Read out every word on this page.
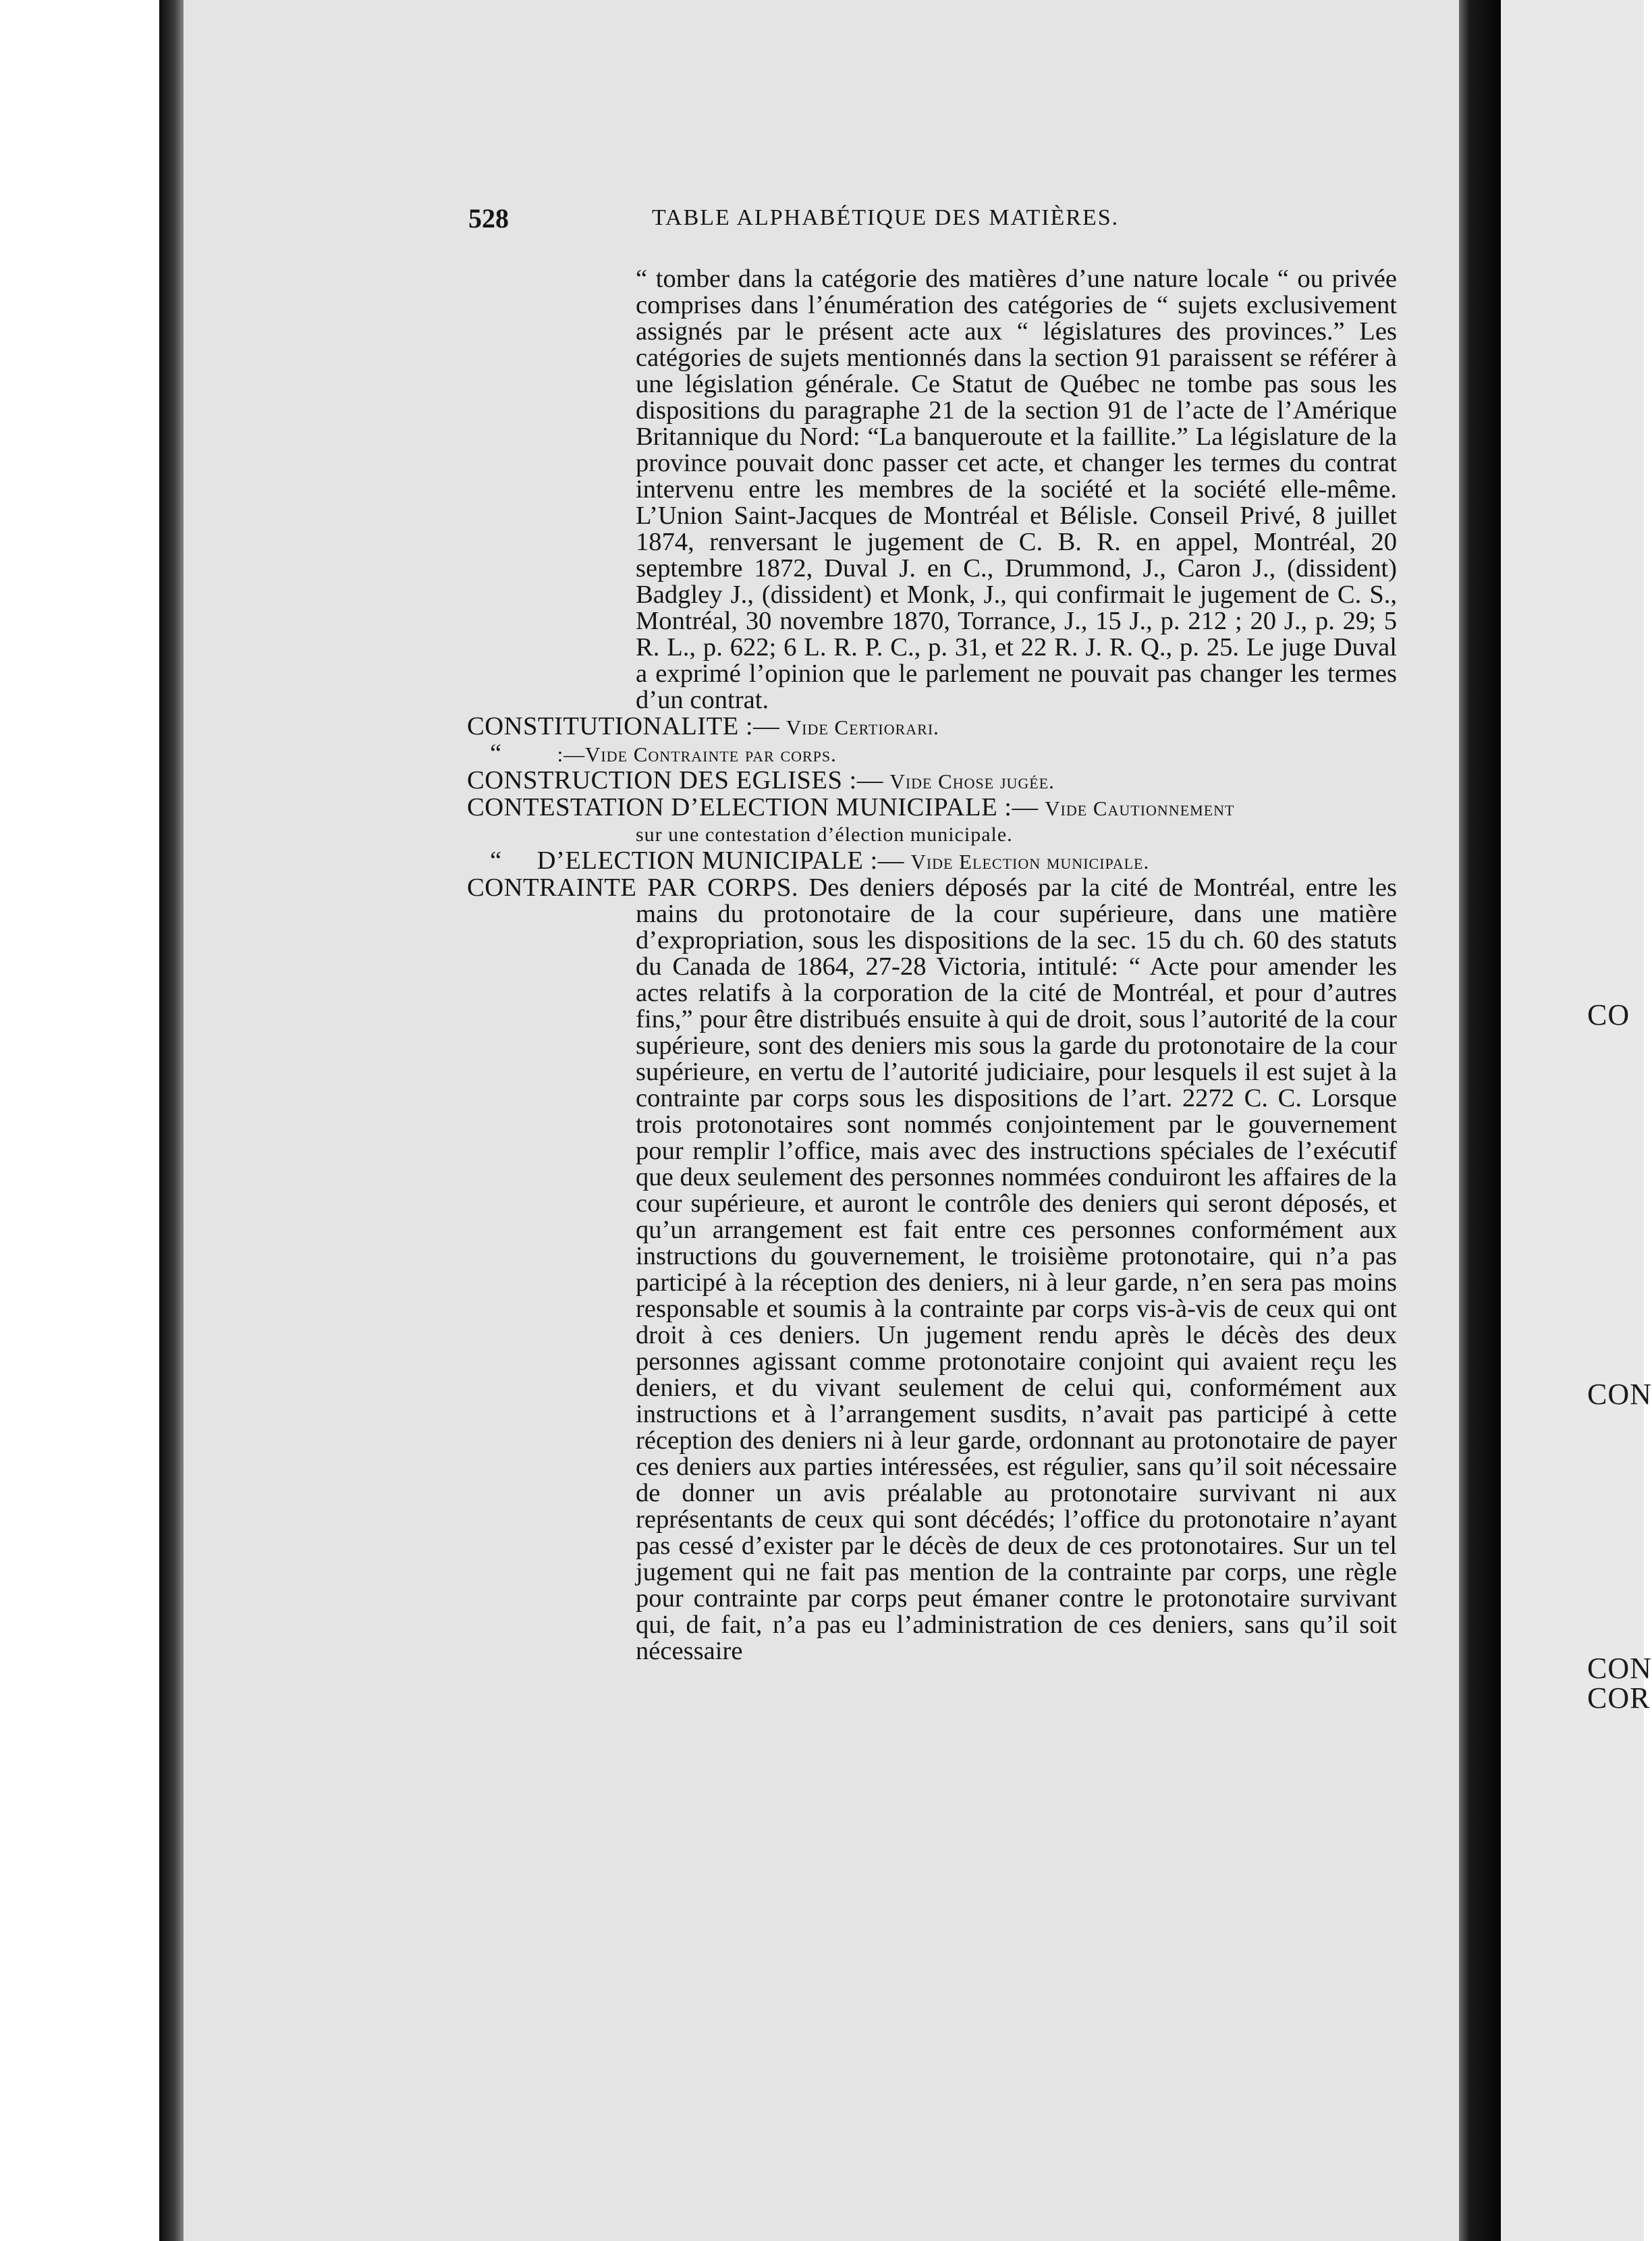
CO
CON
CON
COR
528	TABLE ALPHABÉTIQUE DES MATIÈRES.
“ tomber dans la catégorie des matières d’une nature locale “ ou privée comprises dans l’énumération des catégories de “ sujets exclusivement assignés par le présent acte aux “ législatures des provinces.” Les catégories de sujets mentionnés dans la section 91 paraissent se référer à une législation générale. Ce Statut de Québec ne tombe pas sous les dispositions du paragraphe 21 de la section 91 de l’acte de l’Amérique Britannique du Nord: “La banqueroute et la faillite.” La législature de la province pouvait donc passer cet acte, et changer les termes du contrat intervenu entre les membres de la société et la société elle-même. L’Union Saint-Jacques de Montréal et Bélisle. Conseil Privé, 8 juillet 1874, renversant le jugement de C. B. R. en appel, Montréal, 20 septembre 1872, Duval J. en C., Drummond, J., Caron J., (dissident) Badgley J., (dissident) et Monk, J., qui confirmait le jugement de C. S., Montréal, 30 novembre 1870, Torrance, J., 15 J., p. 212 ; 20 J., p. 29; 5 R. L., p. 622; 6 L. R. P. C., p. 31, et 22 R. J. R. Q., p. 25. Le juge Duval a exprimé l’opinion que le parlement ne pouvait pas changer les termes d’un contrat.
CONSTITUTIONALITE :— Vide Certiorari.
“	:—Vide Contrainte par corps.
CONSTRUCTION DES EGLISES :— Vide Chose jugée.
CONTESTATION D’ELECTION MUNICIPALE :— Vide Cautionnement
sur une contestation d’élection municipale.
“ D’ELECTION MUNICIPALE :— Vide Election municipale.
CONTRAINTE PAR CORPS. Des deniers déposés par la cité de Montréal, entre les mains du protonotaire de la cour supérieure, dans une matière d’expropriation, sous les dispositions de la sec. 15 du ch. 60 des statuts du Canada de 1864, 27-28 Victoria, intitulé: “ Acte pour amender les actes relatifs à la corporation de la cité de Montréal, et pour d’autres fins,” pour être distribués ensuite à qui de droit, sous l’autorité de la cour supérieure, sont des deniers mis sous la garde du protonotaire de la cour supérieure, en vertu de l’autorité judiciaire, pour lesquels il est sujet à la contrainte par corps sous les dispositions de l’art. 2272 C. C. Lorsque trois protonotaires sont nommés conjointement par le gouvernement pour remplir l’office, mais avec des instructions spéciales de l’exécutif que deux seulement des personnes nommées conduiront les affaires de la cour supérieure, et auront le contrôle des deniers qui seront déposés, et qu’un arrangement est fait entre ces personnes conformément aux instructions du gouvernement, le troisième protonotaire, qui n’a pas participé à la réception des deniers, ni à leur garde, n’en sera pas moins responsable et soumis à la contrainte par corps vis-à-vis de ceux qui ont droit à ces deniers. Un jugement rendu après le décès des deux personnes agissant comme protonotaire conjoint qui avaient reçu les deniers, et du vivant seulement de celui qui, conformément aux instructions et à l’arrangement susdits, n’avait pas participé à cette réception des deniers ni à leur garde, ordonnant au protonotaire de payer ces deniers aux parties intéressées, est régulier, sans qu’il soit nécessaire de donner un avis préalable au protonotaire survivant ni aux représentants de ceux qui sont décédés; l’office du protonotaire n’ayant pas cessé d’exister par le décès de deux de ces protonotaires. Sur un tel jugement qui ne fait pas mention de la contrainte par corps, une règle pour contrainte par corps peut émaner contre le protonotaire survivant qui, de fait, n’a pas eu l’administration de ces deniers, sans qu’il soit nécessaire
